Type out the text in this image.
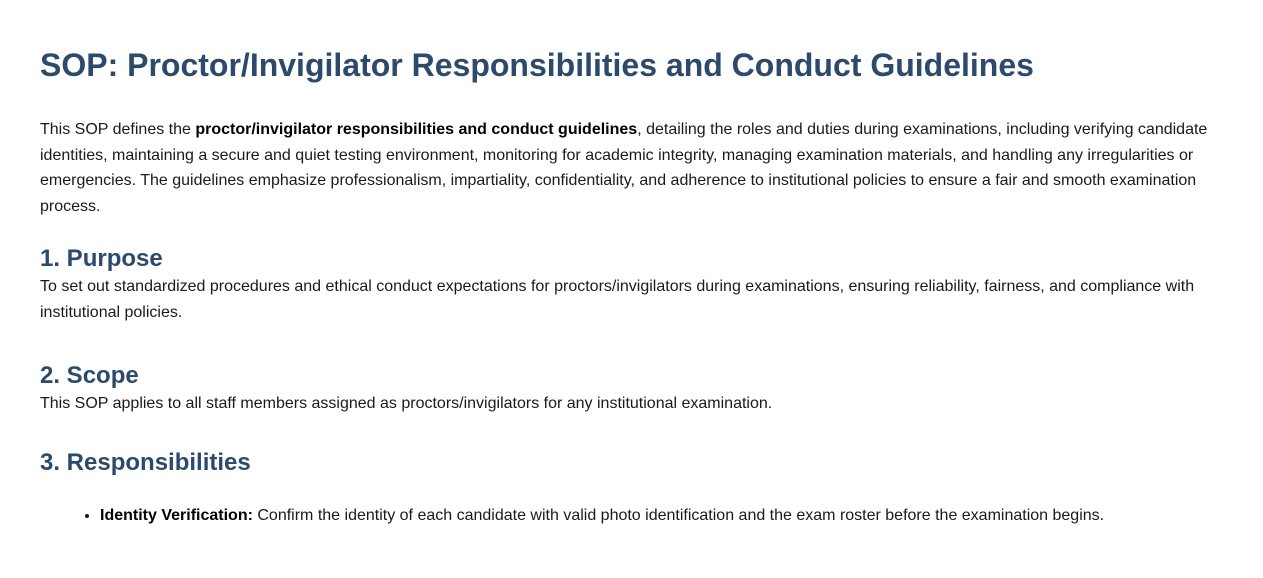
SOP: Proctor/Invigilator Responsibilities and Conduct Guidelines

This SOP defines the proctor/invigilator responsibilities and conduct guidelines, detailing the roles and duties during examinations, including verifying candidate identities, maintaining a secure and quiet testing environment, monitoring for academic integrity, managing examination materials, and handling any irregularities or emergencies. The guidelines emphasize professionalism, impartiality, confidentiality, and adherence to institutional policies to ensure a fair and smooth examination process.

1. Purpose

To set out standardized procedures and ethical conduct expectations for proctors/invigilators during examinations, ensuring reliability, fairness, and compliance with institutional policies.

2. Scope

This SOP applies to all staff members assigned as proctors/invigilators for any institutional examination.

3. Responsibilities
• Identity Verification: Confirm the identity of each candidate with valid photo identification and the exam roster before the examination begins.
